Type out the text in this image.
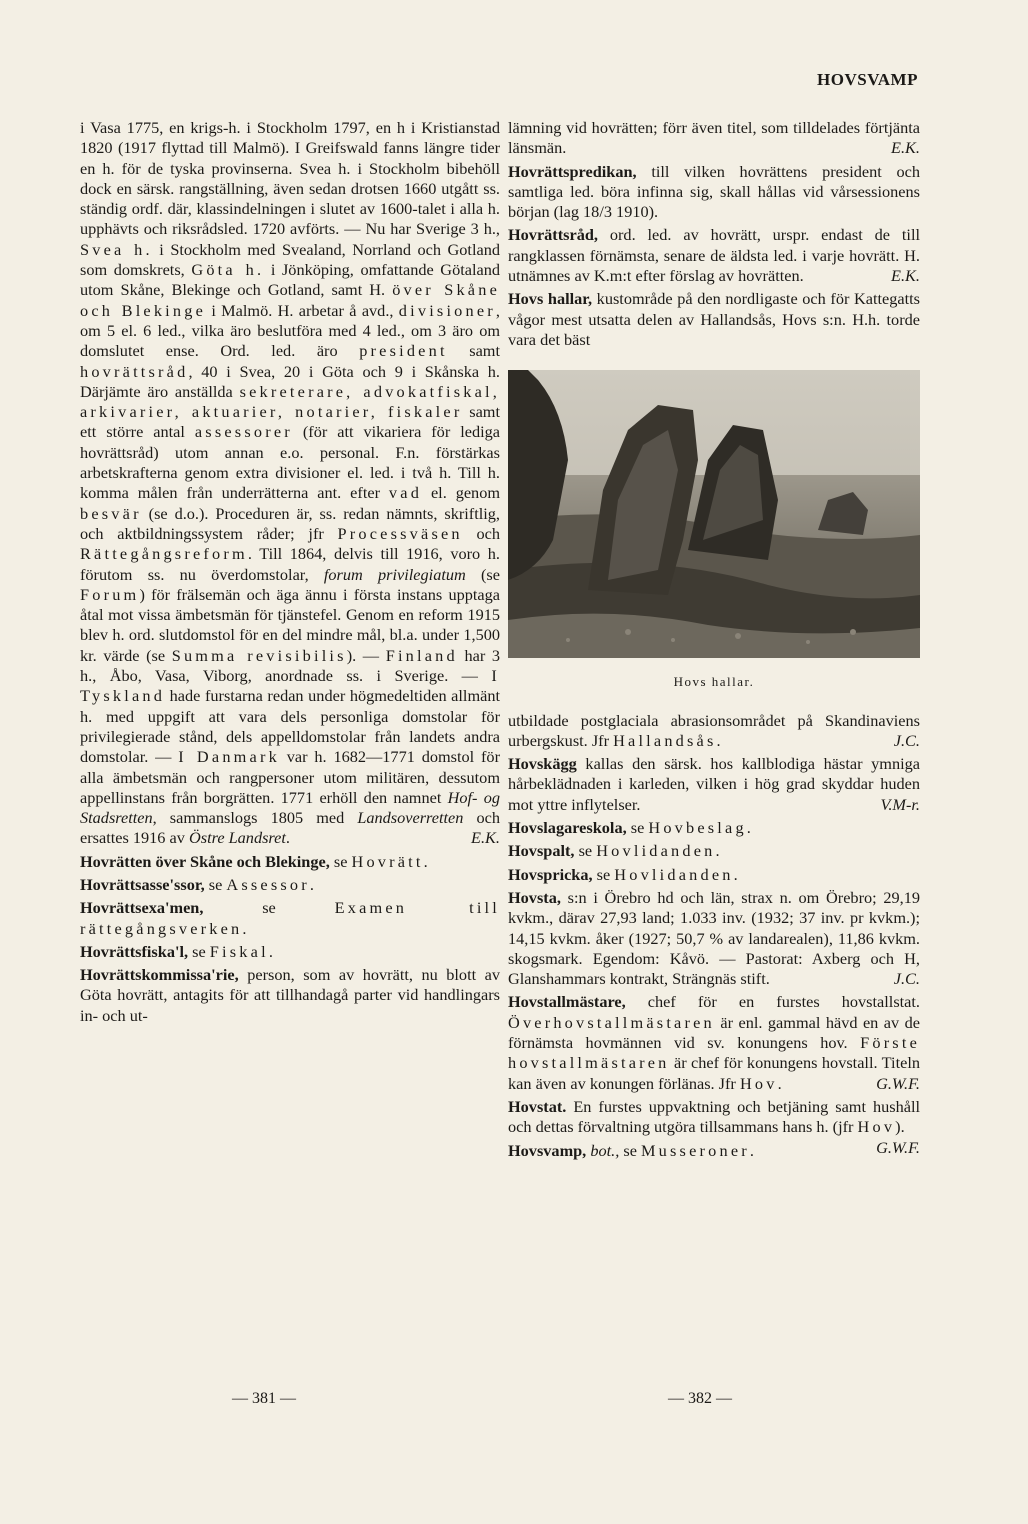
HOVSVAMP

i Vasa 1775, en krigs-h. i Stockholm 1797, en h i Kristianstad 1820 (1917 flyttad till Malmö). I Greifswald fanns längre tider en h. för de tyska provinserna. Svea h. i Stockholm bibehöll dock en särsk. rangställning, även sedan drotsen 1660 utgått ss. ständig ordf. där, klassindelningen i slutet av 1600-talet i alla h. upphävts och riksrådsled. 1720 avförts. — Nu har Sverige 3 h., Svea h. i Stockholm med Svealand, Norrland och Gotland som domskrets, Göta h. i Jönköping, omfattande Götaland utom Skåne, Blekinge och Gotland, samt H. över Skåne och Blekinge i Malmö. H. arbetar å avd., divisioner, om 5 el. 6 led., vilka äro beslutföra med 4 led., om 3 äro om domslutet ense. Ord. led. äro president samt hovrättsråd, 40 i Svea, 20 i Göta och 9 i Skånska h. Därjämte äro anställda sekreterare, advokatfiskal, arkivarier, aktuarier, notarier, fiskaler samt ett större antal assessorer (för att vikariera för lediga hovrättsråd) utom annan e.o. personal. F.n. förstärkas arbetskrafterna genom extra divisioner el. led. i två h. Till h. komma målen från underrätterna ant. efter vad el. genom besvär (se d.o.). Proceduren är, ss. redan nämnts, skriftlig, och aktbildningssystem råder; jfr Processväsen och Rättegångsreform. Till 1864, delvis till 1916, voro h. förutom ss. nu överdomstolar, forum privilegiatum (se Forum) för frälsemän och äga ännu i första instans upptaga åtal mot vissa ämbetsmän för tjänstefel. Genom en reform 1915 blev h. ord. slutdomstol för en del mindre mål, bl.a. under 1,500 kr. värde (se Summa revisibilis). — Finland har 3 h., Åbo, Vasa, Viborg, anordnade ss. i Sverige. — I Tyskland hade furstarna redan under högmedeltiden allmänt h. med uppgift att vara dels personliga domstolar för privilegierade stånd, dels appelldomstolar från landets andra domstolar. — I Danmark var h. 1682—1771 domstol för alla ämbetsmän och rangpersoner utom militären, dessutom appellinstans från borgrätten. 1771 erhöll den namnet Hof- og Stadsretten, sammanslogs 1805 med Landsoverretten och ersattes 1916 av Östre Landsret.	E.K.

Hovrätten över Skåne och Blekinge, se Hovrätt.

Hovrättsasse'ssor, se Assessor.

Hovrättsexa'men, se Examen till rättegångsverken.

Hovrättsfiska'l, se Fiskal.

Hovrättskommissa'rie, person, som av hovrätt, nu blott av Göta hovrätt, antagits för att tillhandagå parter vid handlingars in- och ut-

lämning vid hovrätten; förr även titel, som tilldelades förtjänta länsmän.	E.K.

Hovrättspredikan, till vilken hovrättens president och samtliga led. böra infinna sig, skall hållas vid vårsessionens början (lag 18/3 1910).

Hovrättsråd, ord. led. av hovrätt, urspr. endast de till rangklassen förnämsta, senare de äldsta led. i varje hovrätt. H. utnämnes av K.m:t efter förslag av hovrätten.	E.K.

Hovs hallar, kustområde på den nordligaste och för Kattegatts vågor mest utsatta delen av Hallandsås, Hovs s:n. H.h. torde vara det bäst

Hovs hallar.

utbildade postglaciala abrasionsområdet på Skandinaviens urbergskust. Jfr Hallandsås.	J.C.

Hovskägg kallas den särsk. hos kallblodiga hästar ymniga hårbeklädnaden i karleden, vilken i hög grad skyddar huden mot yttre inflytelser.	V.M-r.

Hovslagareskola, se Hovbeslag.

Hovspalt, se Hovlidanden.

Hovspricka, se Hovlidanden.

Hovsta, s:n i Örebro hd och län, strax n. om Örebro; 29,19 kvkm., därav 27,93 land; 1.033 inv. (1932; 37 inv. pr kvkm.); 14,15 kvkm. åker (1927; 50,7 % av landarealen), 11,86 kvkm. skogsmark. Egendom: Kåvö. — Pastorat: Axberg och H, Glanshammars kontrakt, Strängnäs stift.	J.C.

Hovstallmästare, chef för en furstes hovstallstat. Överhovstallmästaren är enl. gammal hävd en av de förnämsta hovmännen vid sv. konungens hov. Förste hovstallmästaren är chef för konungens hovstall. Titeln kan även av konungen förlänas. Jfr Hov.	G.W.F.

Hovstat. En furstes uppvaktning och betjäning samt hushåll och dettas förvaltning utgöra tillsammans hans h. (jfr Hov).
G.W.F.

Hovsvamp, bot., se Musseroner.

— 381 —	— 382 —
